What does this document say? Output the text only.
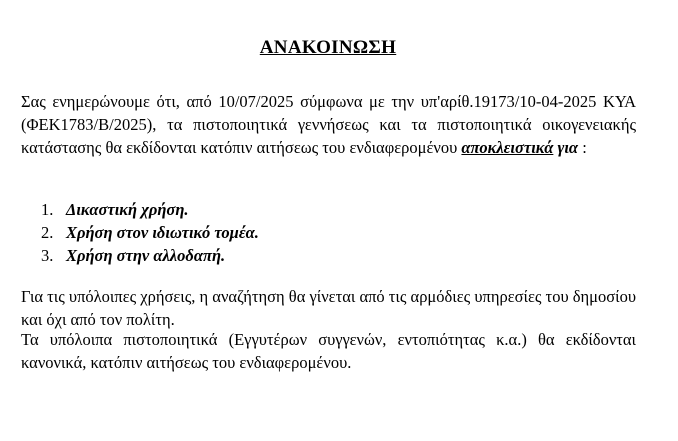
ΑΝΑΚΟΙΝΩΣΗ
Σας ενημερώνουμε ότι, από 10/07/2025 σύμφωνα με την υπ'αρίθ.19173/10-04-2025 ΚΥΑ (ΦΕΚ1783/Β/2025), τα πιστοποιητικά γεννήσεως και τα πιστοποιητικά οικογενειακής κατάστασης θα εκδίδονται κατόπιν αιτήσεως του ενδιαφερομένου αποκλειστικά για :
1. Δικαστική χρήση.
2. Χρήση στον ιδιωτικό τομέα.
3. Χρήση στην αλλοδαπή.
Για τις υπόλοιπες χρήσεις, η αναζήτηση θα γίνεται από τις αρμόδιες υπηρεσίες του δημοσίου και όχι από τον πολίτη.
Τα υπόλοιπα πιστοποιητικά (Εγγυτέρων συγγενών, εντοπιότητας κ.α.) θα εκδίδονται κανονικά, κατόπιν αιτήσεως του ενδιαφερομένου.
